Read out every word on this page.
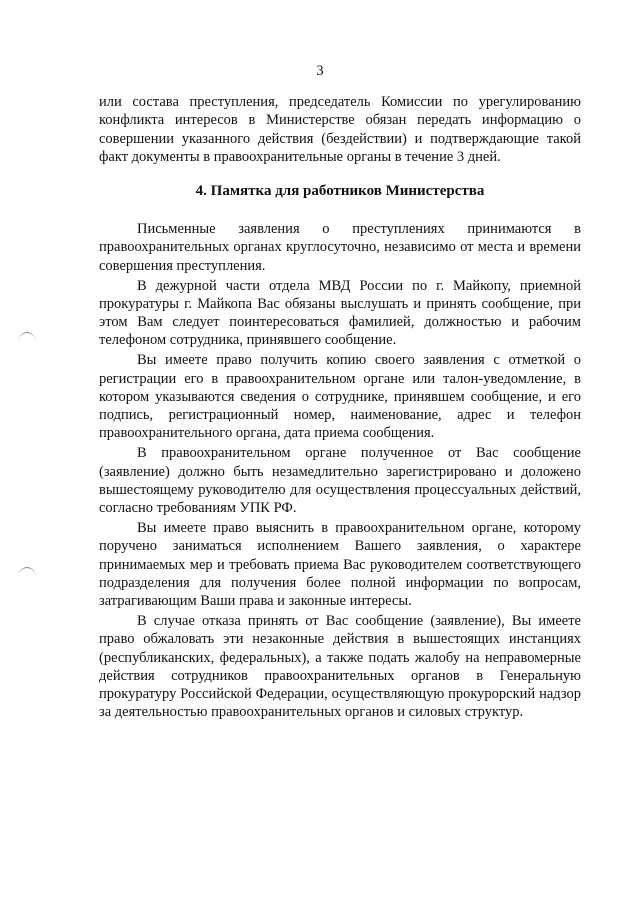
3

или состава преступления, председатель Комиссии по урегулированию конфликта интересов в Министерстве обязан передать информацию о совершении указанного действия (бездействии) и подтверждающие такой факт документы в правоохранительные органы в течение 3 дней.

4. Памятка для работников Министерства

Письменные заявления о преступлениях принимаются в правоохранительных органах круглосуточно, независимо от места и времени совершения преступления.

В дежурной части отдела МВД России по г. Майкопу, приемной прокуратуры г. Майкопа Вас обязаны выслушать и принять сообщение, при этом Вам следует поинтересоваться фамилией, должностью и рабочим телефоном сотрудника, принявшего сообщение.

Вы имеете право получить копию своего заявления с отметкой о регистрации его в правоохранительном органе или талон-уведомление, в котором указываются сведения о сотруднике, принявшем сообщение, и его подпись, регистрационный номер, наименование, адрес и телефон правоохранительного органа, дата приема сообщения.

В правоохранительном органе полученное от Вас сообщение (заявление) должно быть незамедлительно зарегистрировано и доложено вышестоящему руководителю для осуществления процессуальных действий, согласно требованиям УПК РФ.

Вы имеете право выяснить в правоохранительном органе, которому поручено заниматься исполнением Вашего заявления, о характере принимаемых мер и требовать приема Вас руководителем соответствующего подразделения для получения более полной информации по вопросам, затрагивающим Ваши права и законные интересы.

В случае отказа принять от Вас сообщение (заявление), Вы имеете право обжаловать эти незаконные действия в вышестоящих инстанциях (республиканских, федеральных), а также подать жалобу на неправомерные действия сотрудников правоохранительных органов в Генеральную прокуратуру Российской Федерации, осуществляющую прокурорский надзор за деятельностью правоохранительных органов и силовых структур.
